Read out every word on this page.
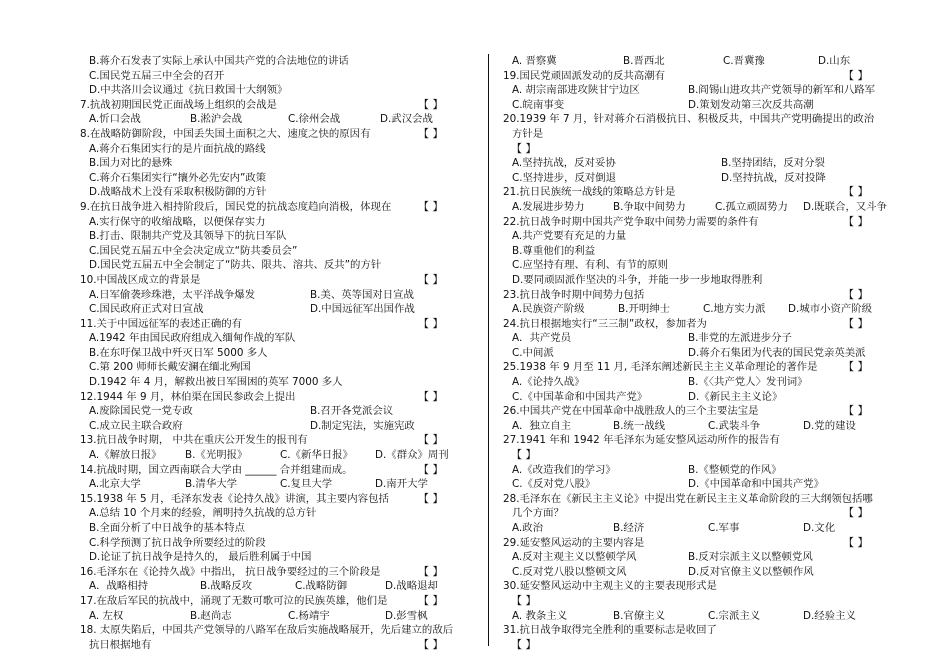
B.蒋介石发表了实际上承认中国共产党的合法地位的讲话
C.国民党五届三中全会的召开
D.中共洛川会议通过《抗日救国十大纲领》
7.抗战初期国民党正面战场上组织的会战是	【 】
A.忻口会战	B.淞沪会战	C.徐州会战	D.武汉会战
8.在战略防御阶段，中国丢失国土面积之大、速度之快的原因有	【 】
A.蒋介石集团实行的是片面抗战的路线
B.国力对比的悬殊
C.蒋介石集团实行“攘外必先安内”政策
D.战略战术上没有采取积极防御的方针
9.在抗日战争进入相持阶段后，国民党的抗战态度趋向消极，体现在 【 】
A.实行保守的收缩战略，以便保存实力
B.打击、限制共产党及其领导下的抗日军队
C.国民党五届五中全会决定成立“防共委员会”
D.国民党五届五中全会制定了“防共、限共、溶共、反共”的方针
10.中国战区成立的背景是	【 】
A.日军偷袭珍珠港，太平洋战争爆发	B.美、英等国对日宣战
C.国民政府正式对日宣战	D.中国远征军出国作战
11.关于中国远征军的表述正确的有	【 】
A.1942 年由国民政府组成入缅甸作战的军队
B.在东吁保卫战中歼灭日军 5000 多人
C.第 200 师师长戴安澜在缅北殉国
D.1942 年 4 月，解救出被日军围困的英军 7000 多人
12.1944 年 9 月，林伯渠在国民参政会上提出	【 】
A.废除国民党一党专政	B.召开各党派会议
C.成立民主联合政府	D.制定宪法，实施宪政
13.抗日战争时期， 中共在重庆公开发生的报刊有	【 】
A.《解放日报》 B.《光明报》	C.《新华日报》 D.《群众》周刊
14.抗战时期，国立西南联合大学由 ______ 合并组建而成。	【 】
A.北京大学	B.清华大学	C.复旦大学	D.南开大学
15.1938 年 5 月，毛泽东发表《论持久战》讲演，其主要内容包括	【 】
A.总结 10 个月来的经验，阐明持久抗战的总方针
B.全面分析了中日战争的基本特点
C.科学预测了抗日战争所要经过的阶段
D.论证了抗日战争是持久的， 最后胜利属于中国
16.毛泽东在《论持久战》中指出， 抗日战争要经过的三个阶段是	【 】
A．战略相持	B.战略反攻	C.战略防御	D.战略退却
17.在敌后军民的抗战中，涌现了无数可歌可泣的民族英雄，他们是	【 】
A. 左权	B.赵尚志	C.杨靖宇	D.彭雪枫
18. 太原失陷后，中国共产党领导的八路军在敌后实施战略展开，先后建立的敌后
抗日根据地有	【 】
A. 晋察冀	B.晋西北	C.晋冀豫	D.山东
19.国民党顽固派发动的反共高潮有	【 】
A. 胡宗南部进攻陕甘宁边区	B.阎锡山进攻共产党领导的新军和八路军
C.皖南事变	D.策划发动第三次反共高潮
20.1939 年 7 月，针对蒋介石消极抗日、积极反共，中国共产党明确提出的政治
方针是
【 】
A.坚持抗战，反对妥协	B.坚持团结，反对分裂
C.坚持进步，反对倒退	D.坚持抗战，反对投降
21.抗日民族统一战线的策略总方针是	【 】
A.发展进步势力	B.争取中间势力	C.孤立顽固势力 D.既联合，又斗争
22.抗日战争时期中国共产党争取中间势力需要的条件有	【 】
A.共产党要有充足的力量
B.尊重他们的利益
C.应坚持有理、有利、有节的原则
D.要同顽固派作坚决的斗争，并能一步一步地取得胜利
23.抗日战争时期中间势力包括	【 】
A.民族资产阶级	B.开明绅士	C.地方实力派 D.城市小资产阶级
24.抗日根据地实行“三三制”政权，参加者为	【 】
A．共产党员	B.非党的左派进步分子
C.中间派	D.蒋介石集团为代表的国民党亲英美派
25.1938 年 9 月至 11 月, 毛泽东阐述新民主主义革命理论的著作是 【 】
A.《论持久战》	B.《〈共产党人〉发刊词》
C.《中国革命和中国共产党》	D.《新民主主义论》
26.中国共产党在中国革命中战胜敌人的三个主要法宝是	【 】
A．独立自主	B.统一战线	C.武装斗争	D.党的建设
27.1941 年和 1942 年毛泽东为延安整风运动所作的报告有
【 】
A.《改造我们的学习》	B.《整顿党的作风》
C.《反对党八股》	D.《中国革命和中国共产党》
28.毛泽东在《新民主主义论》中提出党在新民主主义革命阶段的三大纲领包括哪
几个方面？	【 】
A.政治	B.经济	C.军事	D.文化
29.延安整风运动的主要内容是	【 】
A.反对主观主义以整顿学风	B.反对宗派主义以整顿党风
C.反对党八股以整顿文风	D.反对官僚主义以整顿作风
30.延安整风运动中主观主义的主要表现形式是
【 】
A. 教条主义	B.官僚主义	C.宗派主义	D.经验主义
31.抗日战争取得完全胜利的重要标志是收回了
【 】
